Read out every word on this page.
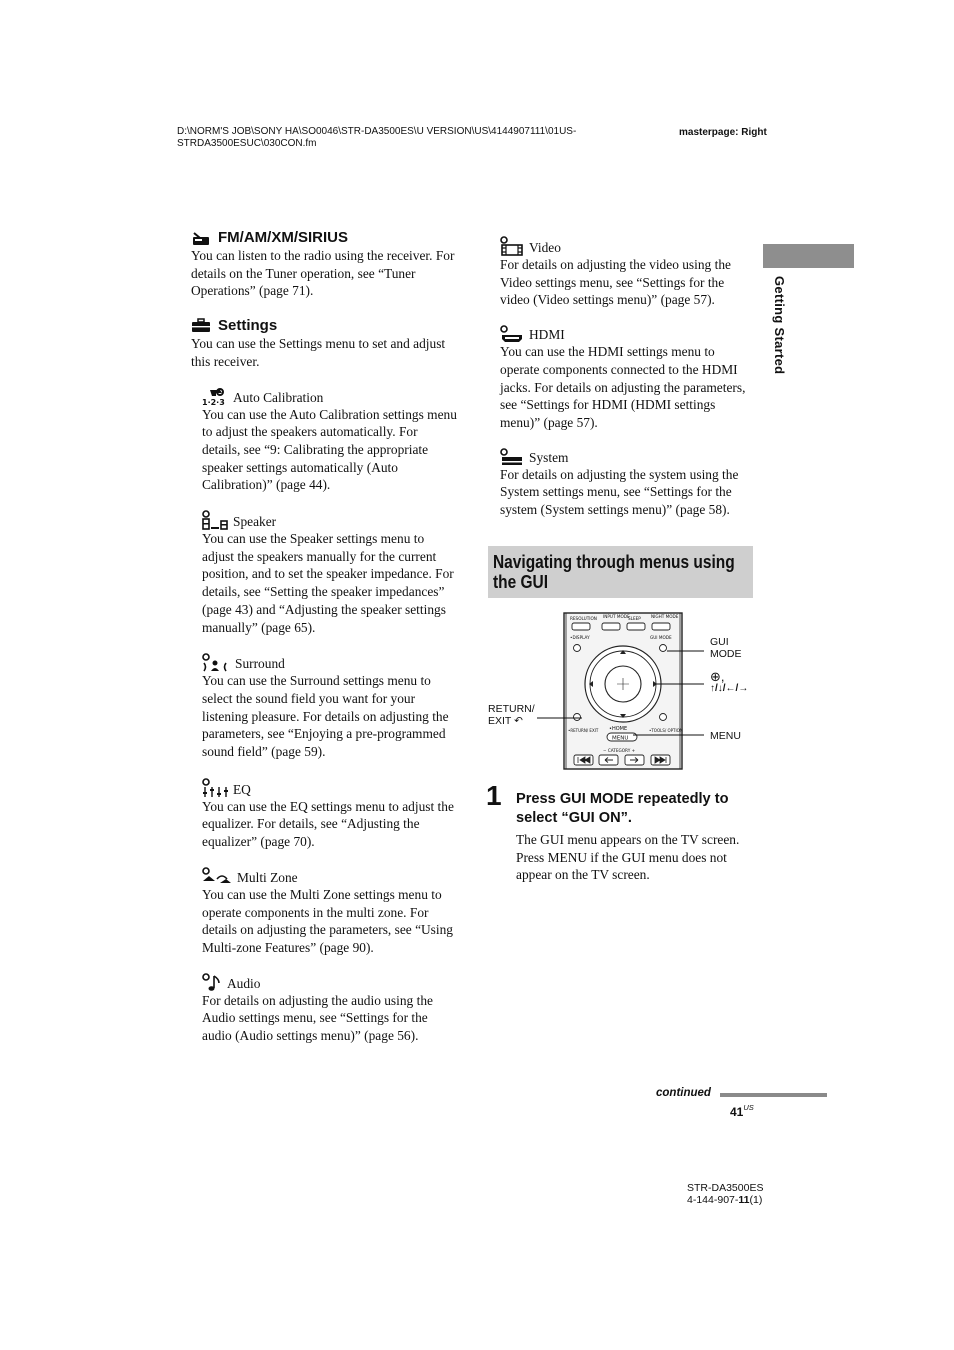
D:\NORM'S JOB\SONY HA\SO0046\STR-DA3500ES\U VERSION\US\4144907111\01US-
STRDA3500ESUC\030CON.fm
masterpage: Right
Getting Started
FM/AM/XM/SIRIUS

You can listen to the radio using the receiver. For details on the Tuner operation, see “Tuner Operations” (page 71).

Settings

You can use the Settings menu to set and adjust this receiver.

1·2·3 Auto Calibration

You can use the Auto Calibration settings menu to adjust the speakers automatically. For details, see “9: Calibrating the appropriate speaker settings automatically (Auto Calibration)” (page 44).

Speaker

You can use the Speaker settings menu to adjust the speakers manually for the current position, and to set the speaker impedance. For details, see “Setting the speaker impedances” (page 43) and “Adjusting the speaker settings manually” (page 65).

Surround

You can use the Surround settings menu to select the sound field you want for your listening pleasure. For details on adjusting the parameters, see “Enjoying a pre-programmed sound field” (page 59).

EQ

You can use the EQ settings menu to adjust the equalizer. For details, see “Adjusting the equalizer” (page 70).

Multi Zone

You can use the Multi Zone settings menu to operate components in the multi zone. For details on adjusting the parameters, see “Using Multi-zone Features” (page 90).

Audio

For details on adjusting the audio using the Audio settings menu, see “Settings for the audio (Audio settings menu)” (page 56).

Video

For details on adjusting the video using the Video settings menu, see “Settings for the video (Video settings menu)” (page 57).

HDMI

You can use the HDMI settings menu to operate components connected to the HDMI jacks. For details on adjusting the parameters, see “Settings for HDMI (HDMI settings menu)” (page 57).

System

For details on adjusting the system using the System settings menu, see “Settings for the system (System settings menu)” (page 58).

Navigating through menus using the GUI
RESOLUTION INPUT MODE
SLEEP NIGHT MODE
•DISPLAY	GUI MODE
•RETURN/ EXIT •HOME	•TOOLS/ OPTIONS
MENU
− CATEGORY +
GUI
MODE
⊕,
↑/↓/←/→
RETURN/
EXIT ↶
MENU
1 Press GUI MODE repeatedly to select “GUI ON”.

The GUI menu appears on the TV screen. Press MENU if the GUI menu does not appear on the TV screen.

continued
$41^{US}$
STR-DA3500ES
4-144-907-11(1)
